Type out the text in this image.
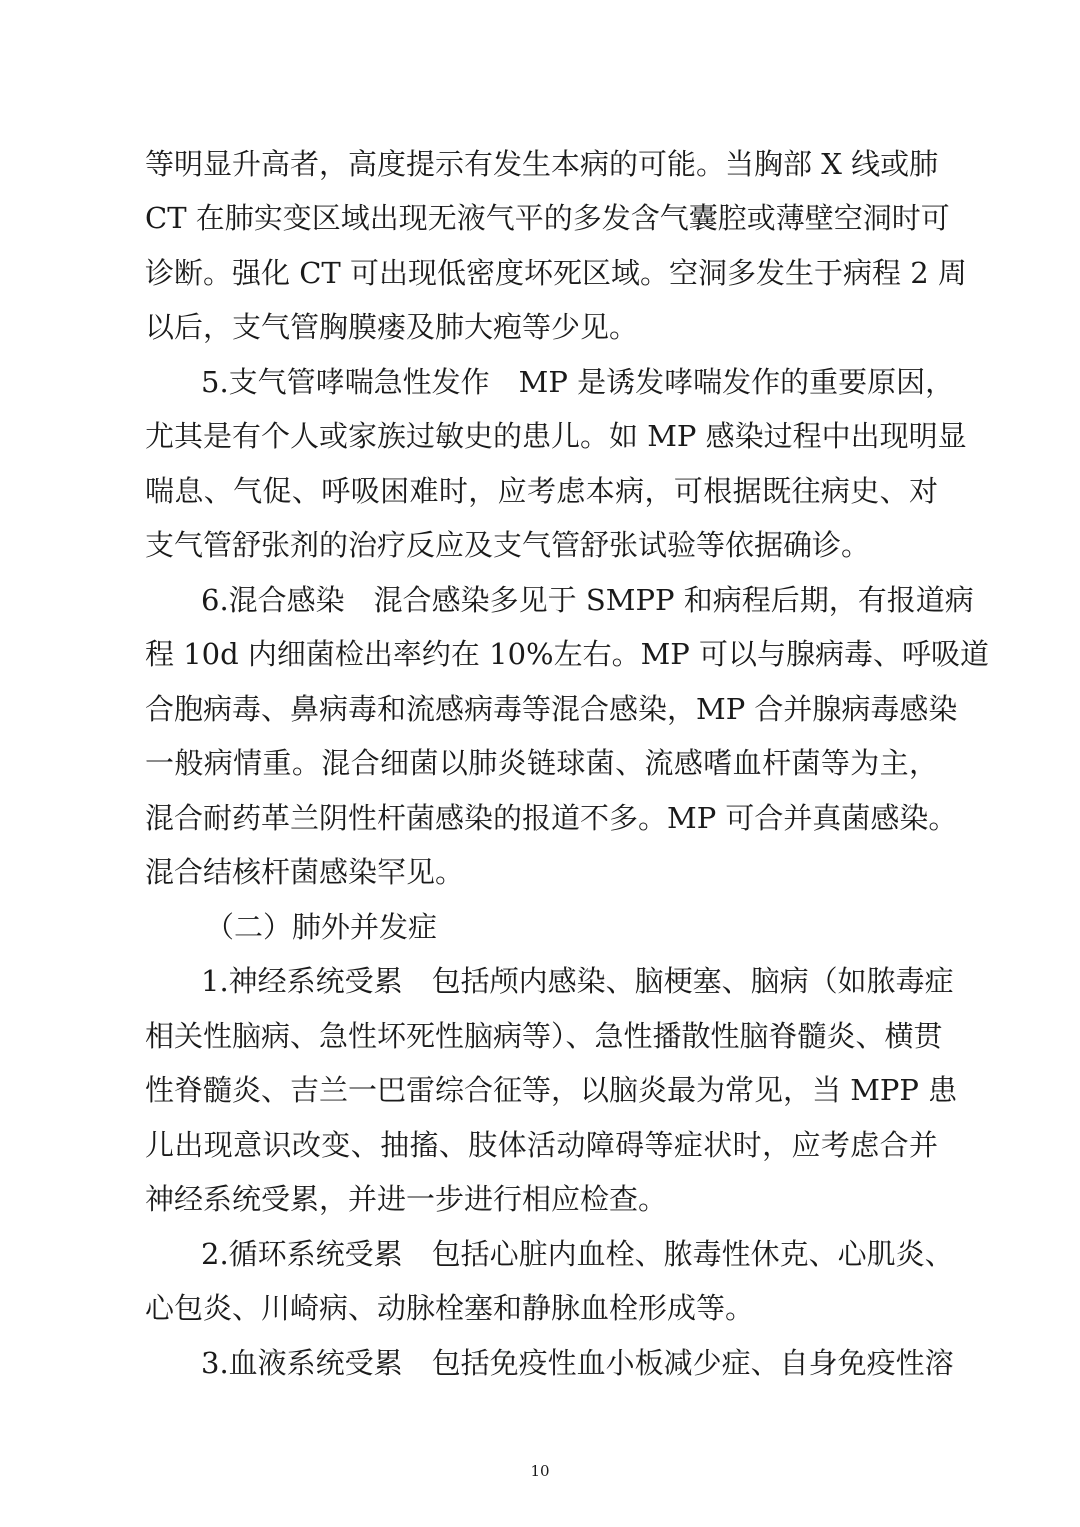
等明显升高者，高度提示有发生本病的可能。当胸部 X 线或肺
CT 在肺实变区域出现无液气平的多发含气囊腔或薄壁空洞时可
诊断。强化 CT 可出现低密度坏死区域。空洞多发生于病程 2 周
以后，支气管胸膜瘘及肺大疱等少见。
5.支气管哮喘急性发作　MP 是诱发哮喘发作的重要原因，
尤其是有个人或家族过敏史的患儿。如 MP 感染过程中出现明显
喘息、气促、呼吸困难时，应考虑本病，可根据既往病史、对
支气管舒张剂的治疗反应及支气管舒张试验等依据确诊。
6.混合感染　混合感染多见于 SMPP 和病程后期，有报道病
程 10d 内细菌检出率约在 10%左右。MP 可以与腺病毒、呼吸道
合胞病毒、鼻病毒和流感病毒等混合感染，MP 合并腺病毒感染
一般病情重。混合细菌以肺炎链球菌、流感嗜血杆菌等为主，
混合耐药革兰阴性杆菌感染的报道不多。MP 可合并真菌感染。
混合结核杆菌感染罕见。
（二）肺外并发症
1.神经系统受累　包括颅内感染、脑梗塞、脑病（如脓毒症
相关性脑病、急性坏死性脑病等）、急性播散性脑脊髓炎、横贯
性脊髓炎、吉兰一巴雷综合征等，以脑炎最为常见，当 MPP 患
儿出现意识改变、抽搐、肢体活动障碍等症状时，应考虑合并
神经系统受累，并进一步进行相应检查。
2.循环系统受累　包括心脏内血栓、脓毒性休克、心肌炎、
心包炎、川崎病、动脉栓塞和静脉血栓形成等。
3.血液系统受累　包括免疫性血小板减少症、自身免疫性溶
10
